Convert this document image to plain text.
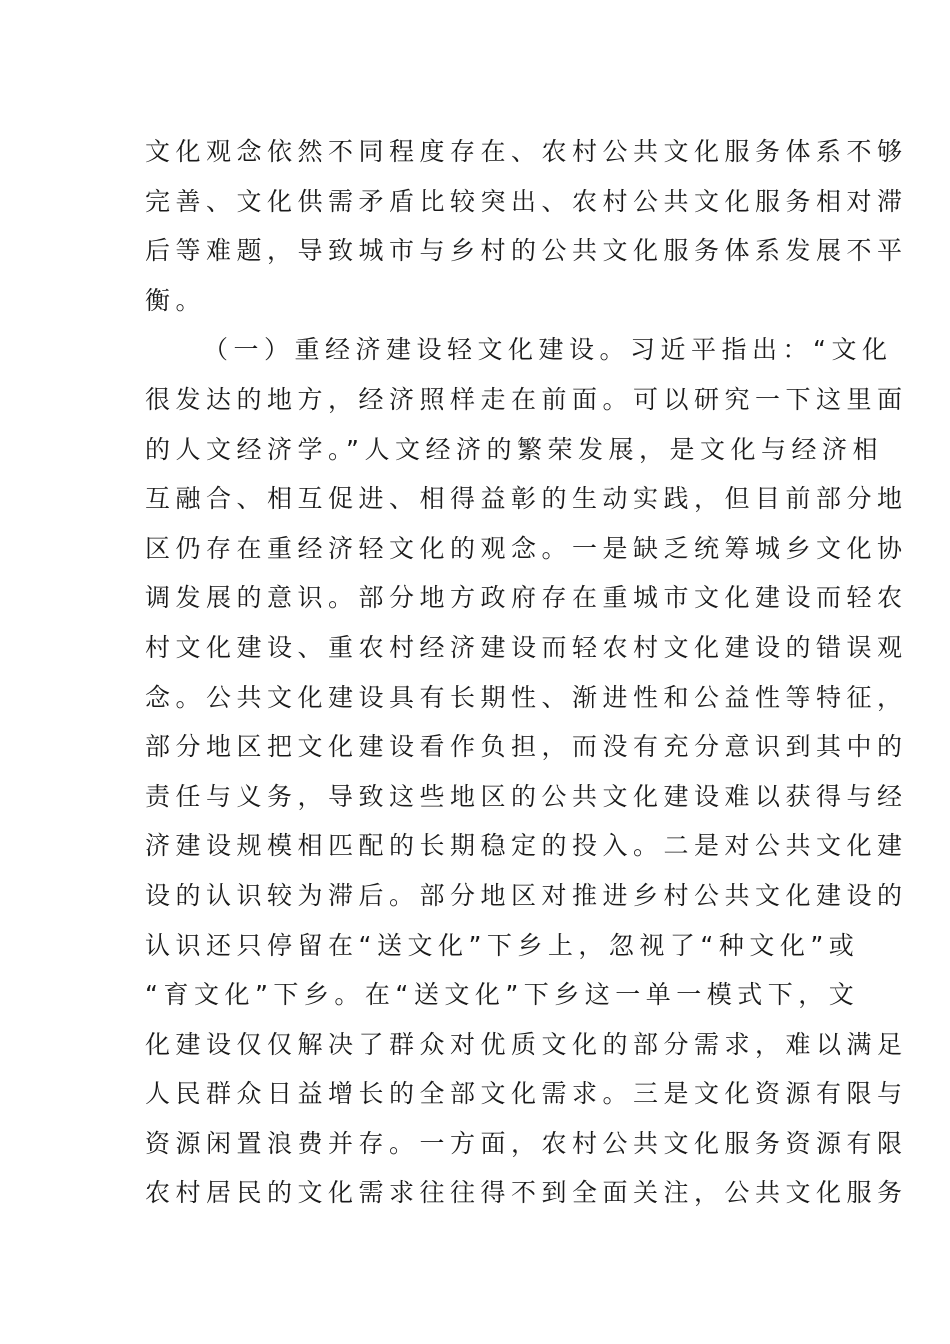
文化观念依然不同程度存在、农村公共文化服务体系不够
完善、文化供需矛盾比较突出、农村公共文化服务相对滞
后等难题，导致城市与乡村的公共文化服务体系发展不平
衡。
（一）重经济建设轻文化建设。习近平指出：“文化
很发达的地方，经济照样走在前面。可以研究一下这里面
的人文经济学。”人文经济的繁荣发展，是文化与经济相
互融合、相互促进、相得益彰的生动实践，但目前部分地
区仍存在重经济轻文化的观念。一是缺乏统筹城乡文化协
调发展的意识。部分地方政府存在重城市文化建设而轻农
村文化建设、重农村经济建设而轻农村文化建设的错误观
念。公共文化建设具有长期性、渐进性和公益性等特征，
部分地区把文化建设看作负担，而没有充分意识到其中的
责任与义务，导致这些地区的公共文化建设难以获得与经
济建设规模相匹配的长期稳定的投入。二是对公共文化建
设的认识较为滞后。部分地区对推进乡村公共文化建设的
认识还只停留在“送文化”下乡上，忽视了“种文化”或
“育文化”下乡。在“送文化”下乡这一单一模式下，文
化建设仅仅解决了群众对优质文化的部分需求，难以满足
人民群众日益增长的全部文化需求。三是文化资源有限与
资源闲置浪费并存。一方面，农村公共文化服务资源有限
农村居民的文化需求往往得不到全面关注，公共文化服务
